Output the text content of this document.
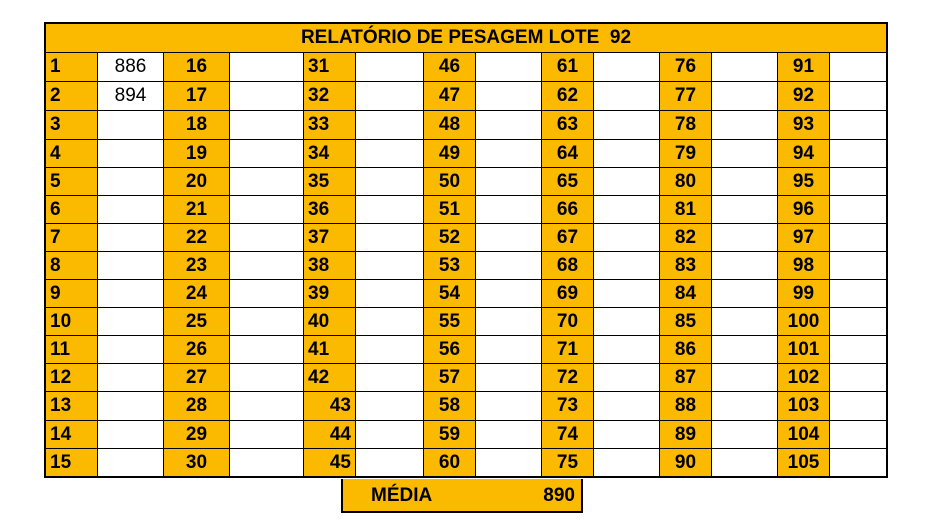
RELATÓRIO DE PESAGEM LOTE  92
1	886	16	31	46	61	76	91
2	894	17	32	47	62	77	92
3	18	33	48	63	78	93
4	19	34	49	64	79	94
5	20	35	50	65	80	95
6	21	36	51	66	81	96
7	22	37	52	67	82	97
8	23	38	53	68	83	98
9	24	39	54	69	84	99
10	25	40	55	70	85	100
11	26	41	56	71	86	101
12	27	42	57	72	87	102
13	28	43	58	73	88	103
14	29	44	59	74	89	104
15	30	45	60	75	90	105
MÉDIA	890
